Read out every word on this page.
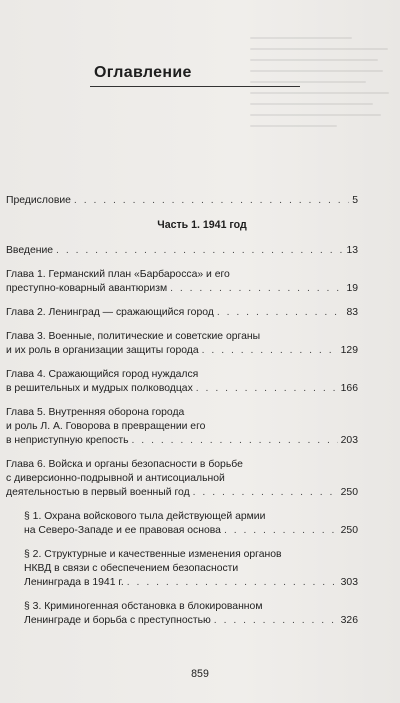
Оглавление
Предисловие . . .	5
Часть 1. 1941 год
Введение . . .	13
Глава 1. Германский план «Барбаросса» и его
преступно-коварный авантюризм . . .	19
Глава 2. Ленинград — сражающийся город . . .	83
Глава 3. Военные, политические и советские органы
и их роль в организации защиты города . . .	129
Глава 4. Сражающийся город нуждался
в решительных и мудрых полководцах . . .	166
Глава 5. Внутренняя оборона города
и роль Л. А. Говорова в превращении его
в неприступную крепость . . .	203
Глава 6. Войска и органы безопасности в борьбе
с диверсионно-подрывной и антисоциальной
деятельностью в первый военный год . . .	250
§ 1. Охрана войскового тыла действующей армии
на Северо-Западе и ее правовая основа . . .	250
§ 2. Структурные и качественные изменения органов
НКВД в связи с обеспечением безопасности
Ленинграда в 1941 г. . . .	303
§ 3. Криминогенная обстановка в блокированном
Ленинграде и борьба с преступностью . . .	326
859
